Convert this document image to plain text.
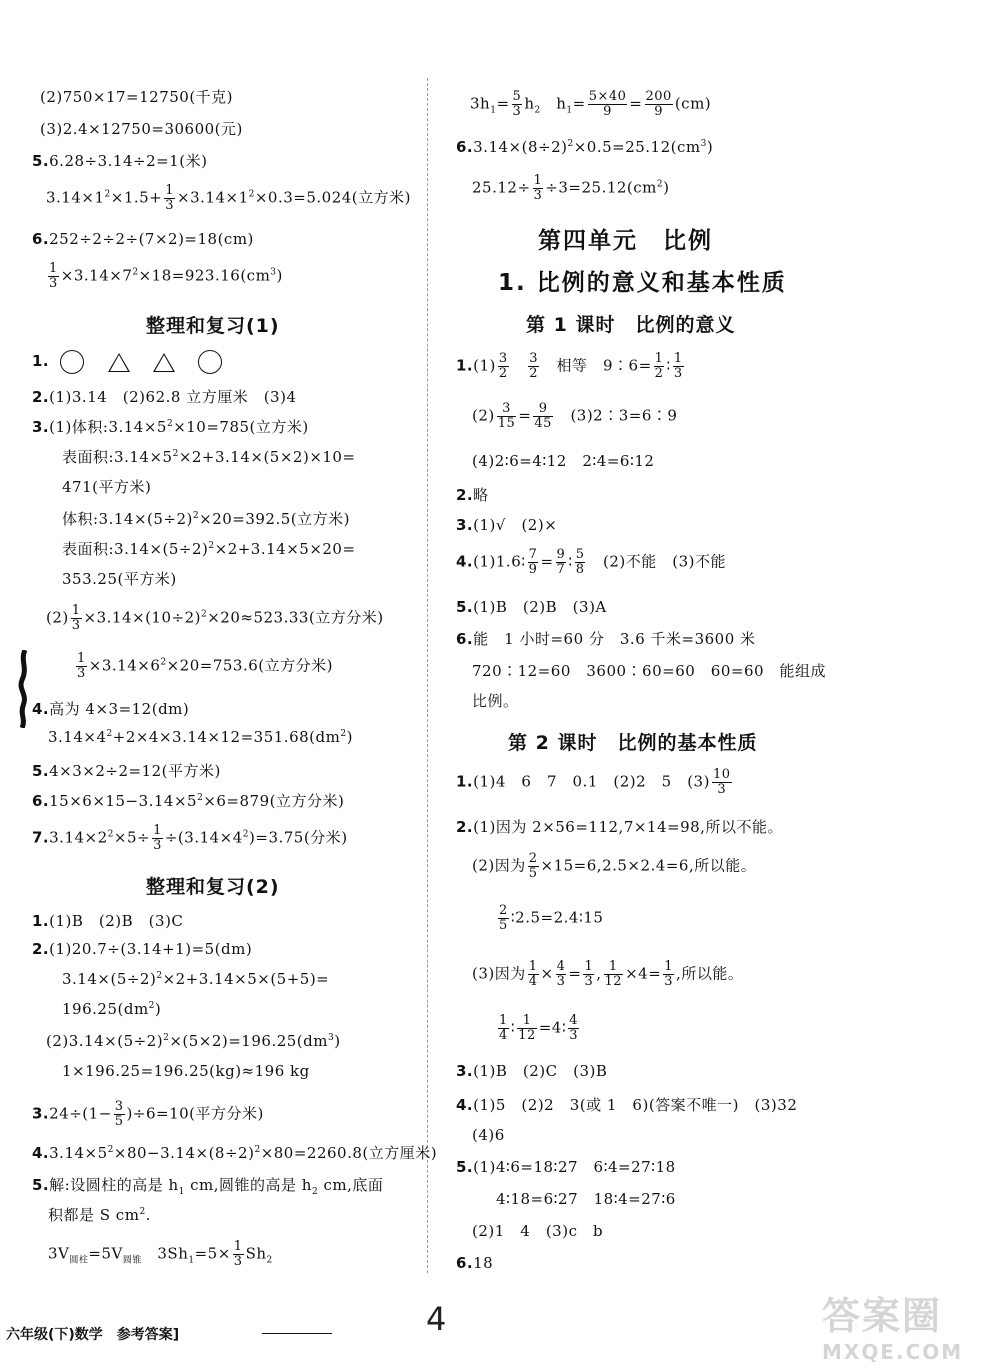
(2)750×17=12750(千克)
(3)2.4×12750=30600(元)
5.6.28÷3.14÷2=1(米)
$3.14\times 1^2\times 1.5+ \frac{1}{3} \times 3.14\times 1^2\times 0.3=5.024$(立方米)
6.252÷2÷2÷(7×2)=18(cm)
$\frac{1}{3} \times 3.14\times 7^2\times 18=923.16(cm^3)$
整理和复习(1)
1.
2.(1)3.14　(2)62.8 立方厘米　(3)4
3.(1)体积$:3.14\times 5^2\times 10=785$(立方米)
表面积$:3.14\times 5^2\times 2+3.14\times(5\times 2)\times 10=$
471(平方米)
体积$:3.14\times(5\div 2)^2\times 20=392.5$(立方米)
表面积$:3.14\times(5\div 2)^2\times 2+3.14\times 5\times 20=$
353.25(平方米)
$(2) \frac{1}{3} \times 3.14\times(10\div 2)^2\times 20\approx 523.33$(立方分米)
$\frac{1}{3} \times 3.14\times 6^2\times 20=753.6$(立方分米)
4.高为 4×3=12(dm)
$3.14\times 4^2+2\times 4\times 3.14\times 12=351.68(dm^2)$
5.4×3×2÷2=12(平方米)
$6.15\times 6\times 15-3.14\times 5^2\times 6=879$(立方分米)
$7.3.14\times 2^2\times 5\div \frac{1}{3} \div(3.14\times 4^2)=3.75$(分米)
整理和复习(2)
1.(1)B　(2)B　(3)C
2.(1)20.7÷(3.14+1)=5(dm)
$3.14\times(5\div 2)^2\times 2+3.14\times 5\times(5+5)=$
$196.25(dm^2)$
$(2)3.14\times(5\div 2)^2\times(5\times 2)=196.25(dm^3)$
1×196.25=196.25(kg)≈196 kg
$3.24\div(1- \frac{3}{5} )\div 6=10$(平方分米)
$4.3.14\times 5^2\times 80-3.14\times(8\div 2)^2\times 80=2260.8$(立方厘米)
5.解:设圆柱的高是 $h_1$ cm,圆锥的高是 $h_2$ cm,底面
积都是 S $cm^2$.
$3V_{圆柱}=5V_{圆锥}$　$3Sh_1=5\times \frac{1}{3} Sh_2$
$3h_1= \frac{5}{3} h_2$　$h_1= \frac{5\times 40}{9} = \frac{200}{9} (cm)$
$6.3.14\times(8\div 2)^2\times 0.5=25.12(cm^3)$
$25.12\div \frac{1}{3} \div 3=25.12(cm^2)$
第四单元　比例
1. 比例的意义和基本性质
第 1 课时　比例的意义
$1.(1) \frac{3}{2}$
　 $\frac{3}{2}$
　 相等　9∶6= $\frac{1}{2}$ ∶ $\frac{1}{3}$
$(2) \frac{3}{15} = \frac{9}{45}$
　 (3)2∶3=6∶9
(4)2∶6=4∶12　2∶4=6∶12
2.略
3.(1)√　(2)×
4.(1)1.6∶ $\frac{7}{9} = \frac{9}{7}$ ∶ $\frac{5}{8}$
　 (2)不能　(3)不能
5.(1)B　(2)B　(3)A
6.能　1 小时=60 分　3.6 千米=3600 米
720∶12=60　3600∶60=60　60=60　能组成
比例。
第 2 课时　比例的基本性质
1.(1)4　6　7　0.1　(2)2　5　$(3) \frac{10}{3}$
2.(1)因为 2×56=112,7×14=98,所以不能。
(2)因为 $\frac{2}{5} \times 15=6,2.5\times 2.4=6$,所以能。
$\frac{2}{5}$ ∶2.5=2.4∶15
(3)因为 $\frac{1}{4} \times \frac{4}{3} = \frac{1}{3}$ , $\frac{1}{12} \times 4= \frac{1}{3}$ ,所以能。
$\frac{1}{4}$ ∶ $\frac{1}{12}$ =4∶ $\frac{4}{3}$
3.(1)B　(2)C　(3)B
4.(1)5　(2)2　3(或 1　6)(答案不唯一)　(3)32
(4)6
5.(1)4∶6=18∶27　6∶4=27∶18
4∶18=6∶27　18∶4=27∶6
(2)1　4　(3)c　b
6.18
4
六年级(下)数学　参考答案]	答案圈
MXQE.COM
